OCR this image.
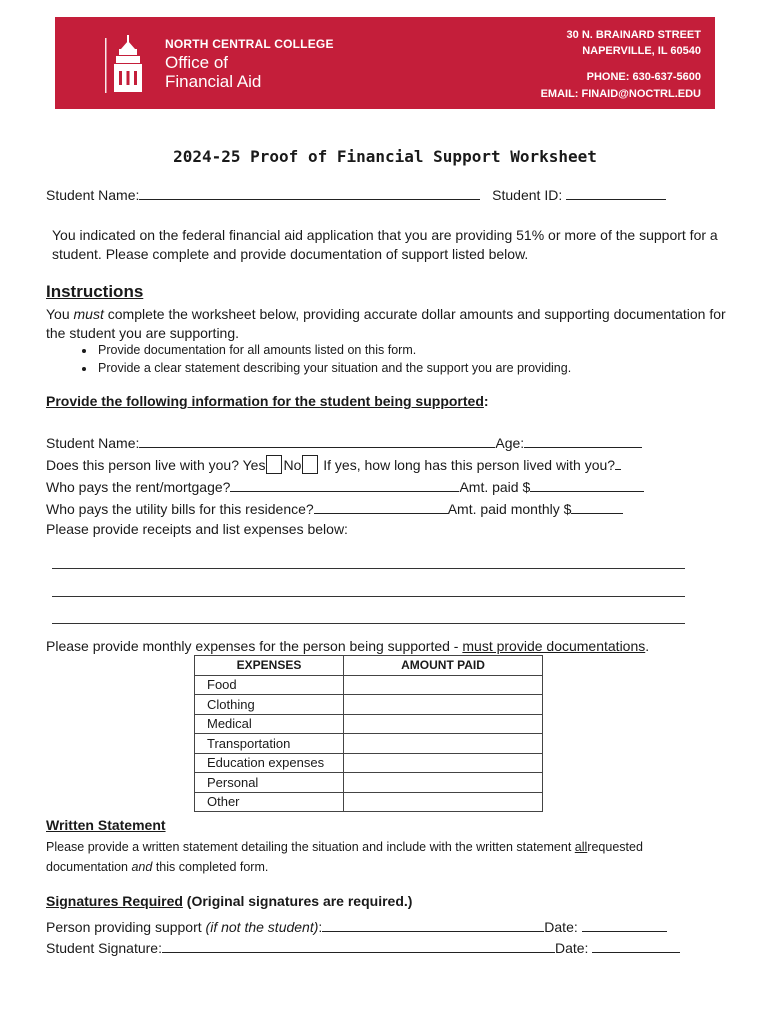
NORTH CENTRAL COLLEGE
Office of
Financial Aid
30 N. BRAINARD STREET
NAPERVILLE, IL 60540
PHONE: 630-637-5600
EMAIL: FINAID@NOCTRL.EDU
2024-25 Proof of Financial Support Worksheet
Student Name:	Student ID:
You indicated on the federal financial aid application that you are providing 51% or more of the support for a student. Please complete and provide documentation of support listed below.
Instructions
You must complete the worksheet below, providing accurate dollar amounts and supporting documentation for the student you are supporting.
• Provide documentation for all amounts listed on this form.
• Provide a clear statement describing your situation and the support you are providing.
Provide the following information for the student being supported:
Student Name:	Age:
Does this person live with you? Yes No If yes, how long has this person lived with you?
Who pays the rent/mortgage?	Amt. paid $
Who pays the utility bills for this residence?	Amt. paid monthly $
Please provide receipts and list expenses below:
Please provide monthly expenses for the person being supported - must provide documentations.
EXPENSES	AMOUNT PAID
Food	
Clothing	
Medical	
Transportation	
Education expenses	
Personal	
Other	
Written Statement
Please provide a written statement detailing the situation and include with the written statement allrequested documentation and this completed form.
Signatures Required (Original signatures are required.)
Person providing support (if not the student):	Date:
Student Signature:	Date:
